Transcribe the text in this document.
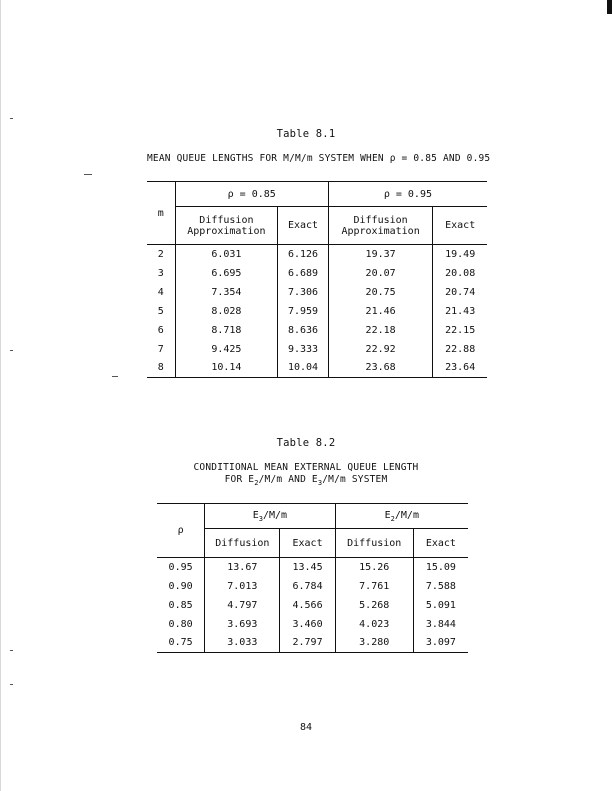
Table 8.1
MEAN QUEUE LENGTHS FOR M/M/m SYSTEM WHEN ρ = 0.85 AND 0.95
m	ρ = 0.85		ρ = 0.95	
	Diffusion Approximation	Exact	Diffusion Approximation	Exact
2	6.031	6.126	19.37	19.49
3	6.695	6.689	20.07	20.08
4	7.354	7.306	20.75	20.74
5	8.028	7.959	21.46	21.43
6	8.718	8.636	22.18	22.15
7	9.425	9.333	22.92	22.88
8	10.14	10.04	23.68	23.64
Table 8.2
CONDITIONAL MEAN EXTERNAL QUEUE LENGTH
FOR $E_2/M/m$ AND $E_3/M/m$ SYSTEM
ρ	$E_3/M/m$		$E_2/M/m$	
	Diffusion	Exact	Diffusion	Exact
0.95	13.67	13.45	15.26	15.09
0.90	7.013	6.784	7.761	7.588
0.85	4.797	4.566	5.268	5.091
0.80	3.693	3.460	4.023	3.844
0.75	3.033	2.797	3.280	3.097
84
